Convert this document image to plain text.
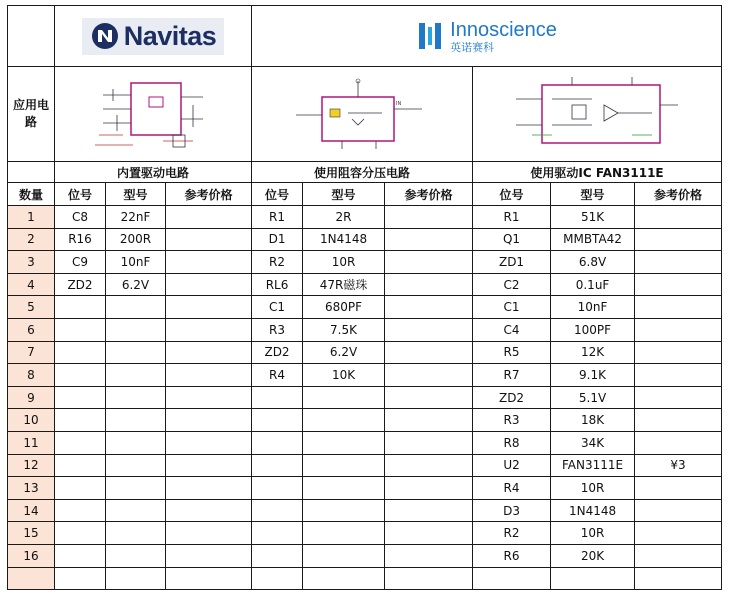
	Navitas			Innoscience
英诺赛科					

应用电路				IN

	内置驱动电路			使用阻容分压电路			使用驱动IC FAN3111E		
数量	位号	型号	参考价格	位号	型号	参考价格	位号	型号	参考价格
1	C8	22nF		R1	2R		R1	51K	
2	R16	200R		D1	1N4148		Q1	MMBTA42	
3	C9	10nF		R2	10R		ZD1	6.8V	
4	ZD2	6.2V		RL6	47R磁珠		C2	0.1uF	
5				C1	680PF		C1	10nF	
6				R3	7.5K		C4	100PF	
7				ZD2	6.2V		R5	12K	
8				R4	10K		R7	9.1K	
9							ZD2	5.1V	
10							R3	18K	
11							R8	34K	
12							U2	FAN3111E	¥3
13							R4	10R	
14							D3	1N4148	
15							R2	10R	
16							R6	20K	
